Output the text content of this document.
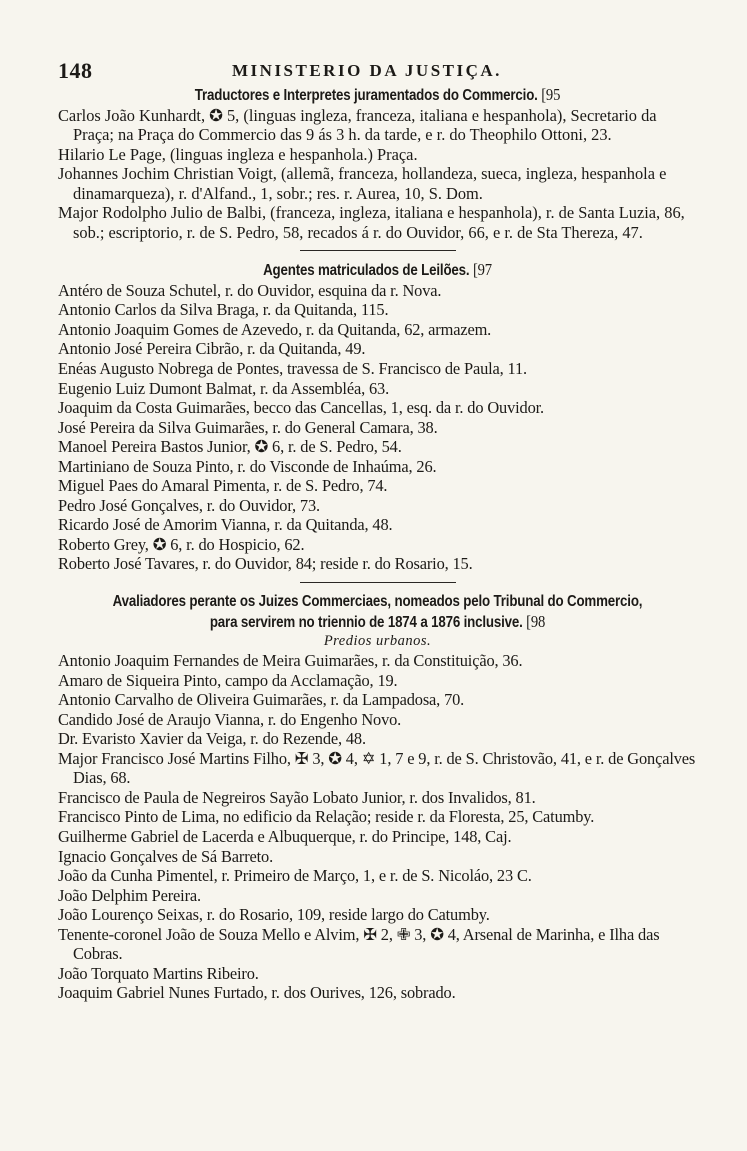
148	MINISTERIO DA JUSTIÇA.
Traductores e Interpretes juramentados do Commercio. [95
Carlos João Kunhardt, ✪ 5, (linguas ingleza, franceza, italiana e hespanhola), Secretario da Praça; na Praça do Commercio das 9 ás 3 h. da tarde, e r. do Theophilo Ottoni, 23.
Hilario Le Page, (linguas ingleza e hespanhola.) Praça.
Johannes Jochim Christian Voigt, (allemã, franceza, hollandeza, sueca, ingleza, hespanhola e dinamarqueza), r. d'Alfand., 1, sobr.; res. r. Aurea, 10, S. Dom.
Major Rodolpho Julio de Balbi, (franceza, ingleza, italiana e hespanhola), r. de Santa Luzia, 86, sob.; escriptorio, r. de S. Pedro, 58, recados á r. do Ouvidor, 66, e r. de Sta Thereza, 47.
Agentes matriculados de Leilões. [97
Antéro de Souza Schutel, r. do Ouvidor, esquina da r. Nova.
Antonio Carlos da Silva Braga, r. da Quitanda, 115.
Antonio Joaquim Gomes de Azevedo, r. da Quitanda, 62, armazem.
Antonio José Pereira Cibrão, r. da Quitanda, 49.
Enéas Augusto Nobrega de Pontes, travessa de S. Francisco de Paula, 11.
Eugenio Luiz Dumont Balmat, r. da Assembléa, 63.
Joaquim da Costa Guimarães, becco das Cancellas, 1, esq. da r. do Ouvidor.
José Pereira da Silva Guimarães, r. do General Camara, 38.
Manoel Pereira Bastos Junior, ✪ 6, r. de S. Pedro, 54.
Martiniano de Souza Pinto, r. do Visconde de Inhaúma, 26.
Miguel Paes do Amaral Pimenta, r. de S. Pedro, 74.
Pedro José Gonçalves, r. do Ouvidor, 73.
Ricardo José de Amorim Vianna, r. da Quitanda, 48.
Roberto Grey, ✪ 6, r. do Hospicio, 62.
Roberto José Tavares, r. do Ouvidor, 84; reside r. do Rosario, 15.
Avaliadores perante os Juizes Commerciaes, nomeados pelo Tribunal do Commercio,
para servirem no triennio de 1874 a 1876 inclusive. [98
Predios urbanos.
Antonio Joaquim Fernandes de Meira Guimarães, r. da Constituição, 36.
Amaro de Siqueira Pinto, campo da Acclamação, 19.
Antonio Carvalho de Oliveira Guimarães, r. da Lampadosa, 70.
Candido José de Araujo Vianna, r. do Engenho Novo.
Dr. Evaristo Xavier da Veiga, r. do Rezende, 48.
Major Francisco José Martins Filho, ✠ 3, ✪ 4, ✡ 1, 7 e 9, r. de S. Christovão, 41, e r. de Gonçalves Dias, 68.
Francisco de Paula de Negreiros Sayão Lobato Junior, r. dos Invalidos, 81.
Francisco Pinto de Lima, no edificio da Relação; reside r. da Floresta, 25, Catumby.
Guilherme Gabriel de Lacerda e Albuquerque, r. do Principe, 148, Caj.
Ignacio Gonçalves de Sá Barreto.
João da Cunha Pimentel, r. Primeiro de Março, 1, e r. de S. Nicoláo, 23 C.
João Delphim Pereira.
João Lourenço Seixas, r. do Rosario, 109, reside largo do Catumby.
Tenente-coronel João de Souza Mello e Alvim, ✠ 2, ✙ 3, ✪ 4, Arsenal de Marinha, e Ilha das Cobras.
João Torquato Martins Ribeiro.
Joaquim Gabriel Nunes Furtado, r. dos Ourives, 126, sobrado.
